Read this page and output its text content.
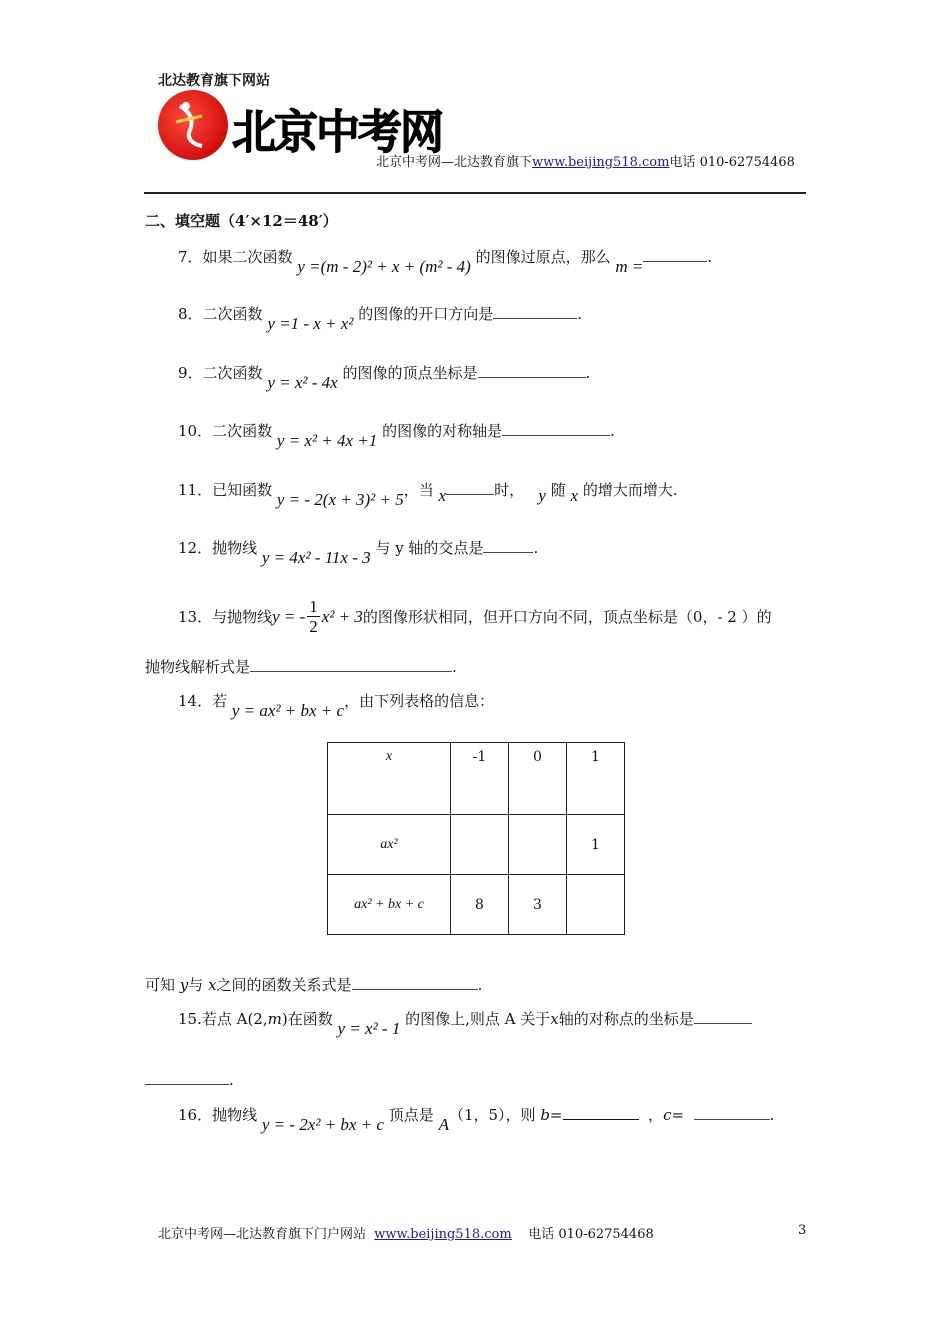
北达教育旗下网站
北京中考网
北京中考网—北达教育旗下www.beijing518.com电话 010-62754468
二、填空题（4′×12＝48′）
7．如果二次函数 y =(m - 2)² + x + (m² - 4) 的图像过原点，那么 m =	.
8．二次函数 y =1 - x + x² 的图像的开口方向是	.
9．二次函数 y = x² - 4x 的图像的顶点坐标是	.
10．二次函数 y = x² + 4x +1 的图像的对称轴是	.
11．已知函数 y = - 2(x + 3)² + 5，当 x	时， y 随 x 的增大而增大.
12．抛物线 y = 4x² - 11x - 3 与 y 轴的交点是	.
13．与抛物线 y = - $\frac{1}{2} x^2 + 3$ 的图像形状相同，但开口方向不同，顶点坐标是（0，- 2 ）的
抛物线解析式是	.
14．若 y = ax² + bx + c，由下列表格的信息：
x	-1	0	1
ax²			1
ax² + bx + c	8	3	
可知 y与 x之间的函数关系式是	.
15.若点 A(2,m)在函数 y = x² - 1 的图像上,则点 A 关于x轴的对称点的坐标是
.
16．抛物线 y = - 2x² + bx + c 顶点是 A（1，5），则 b=	，c=	.
北京中考网—北达教育旗下门户网站 www.beijing518.com 电话 010-62754468	3
